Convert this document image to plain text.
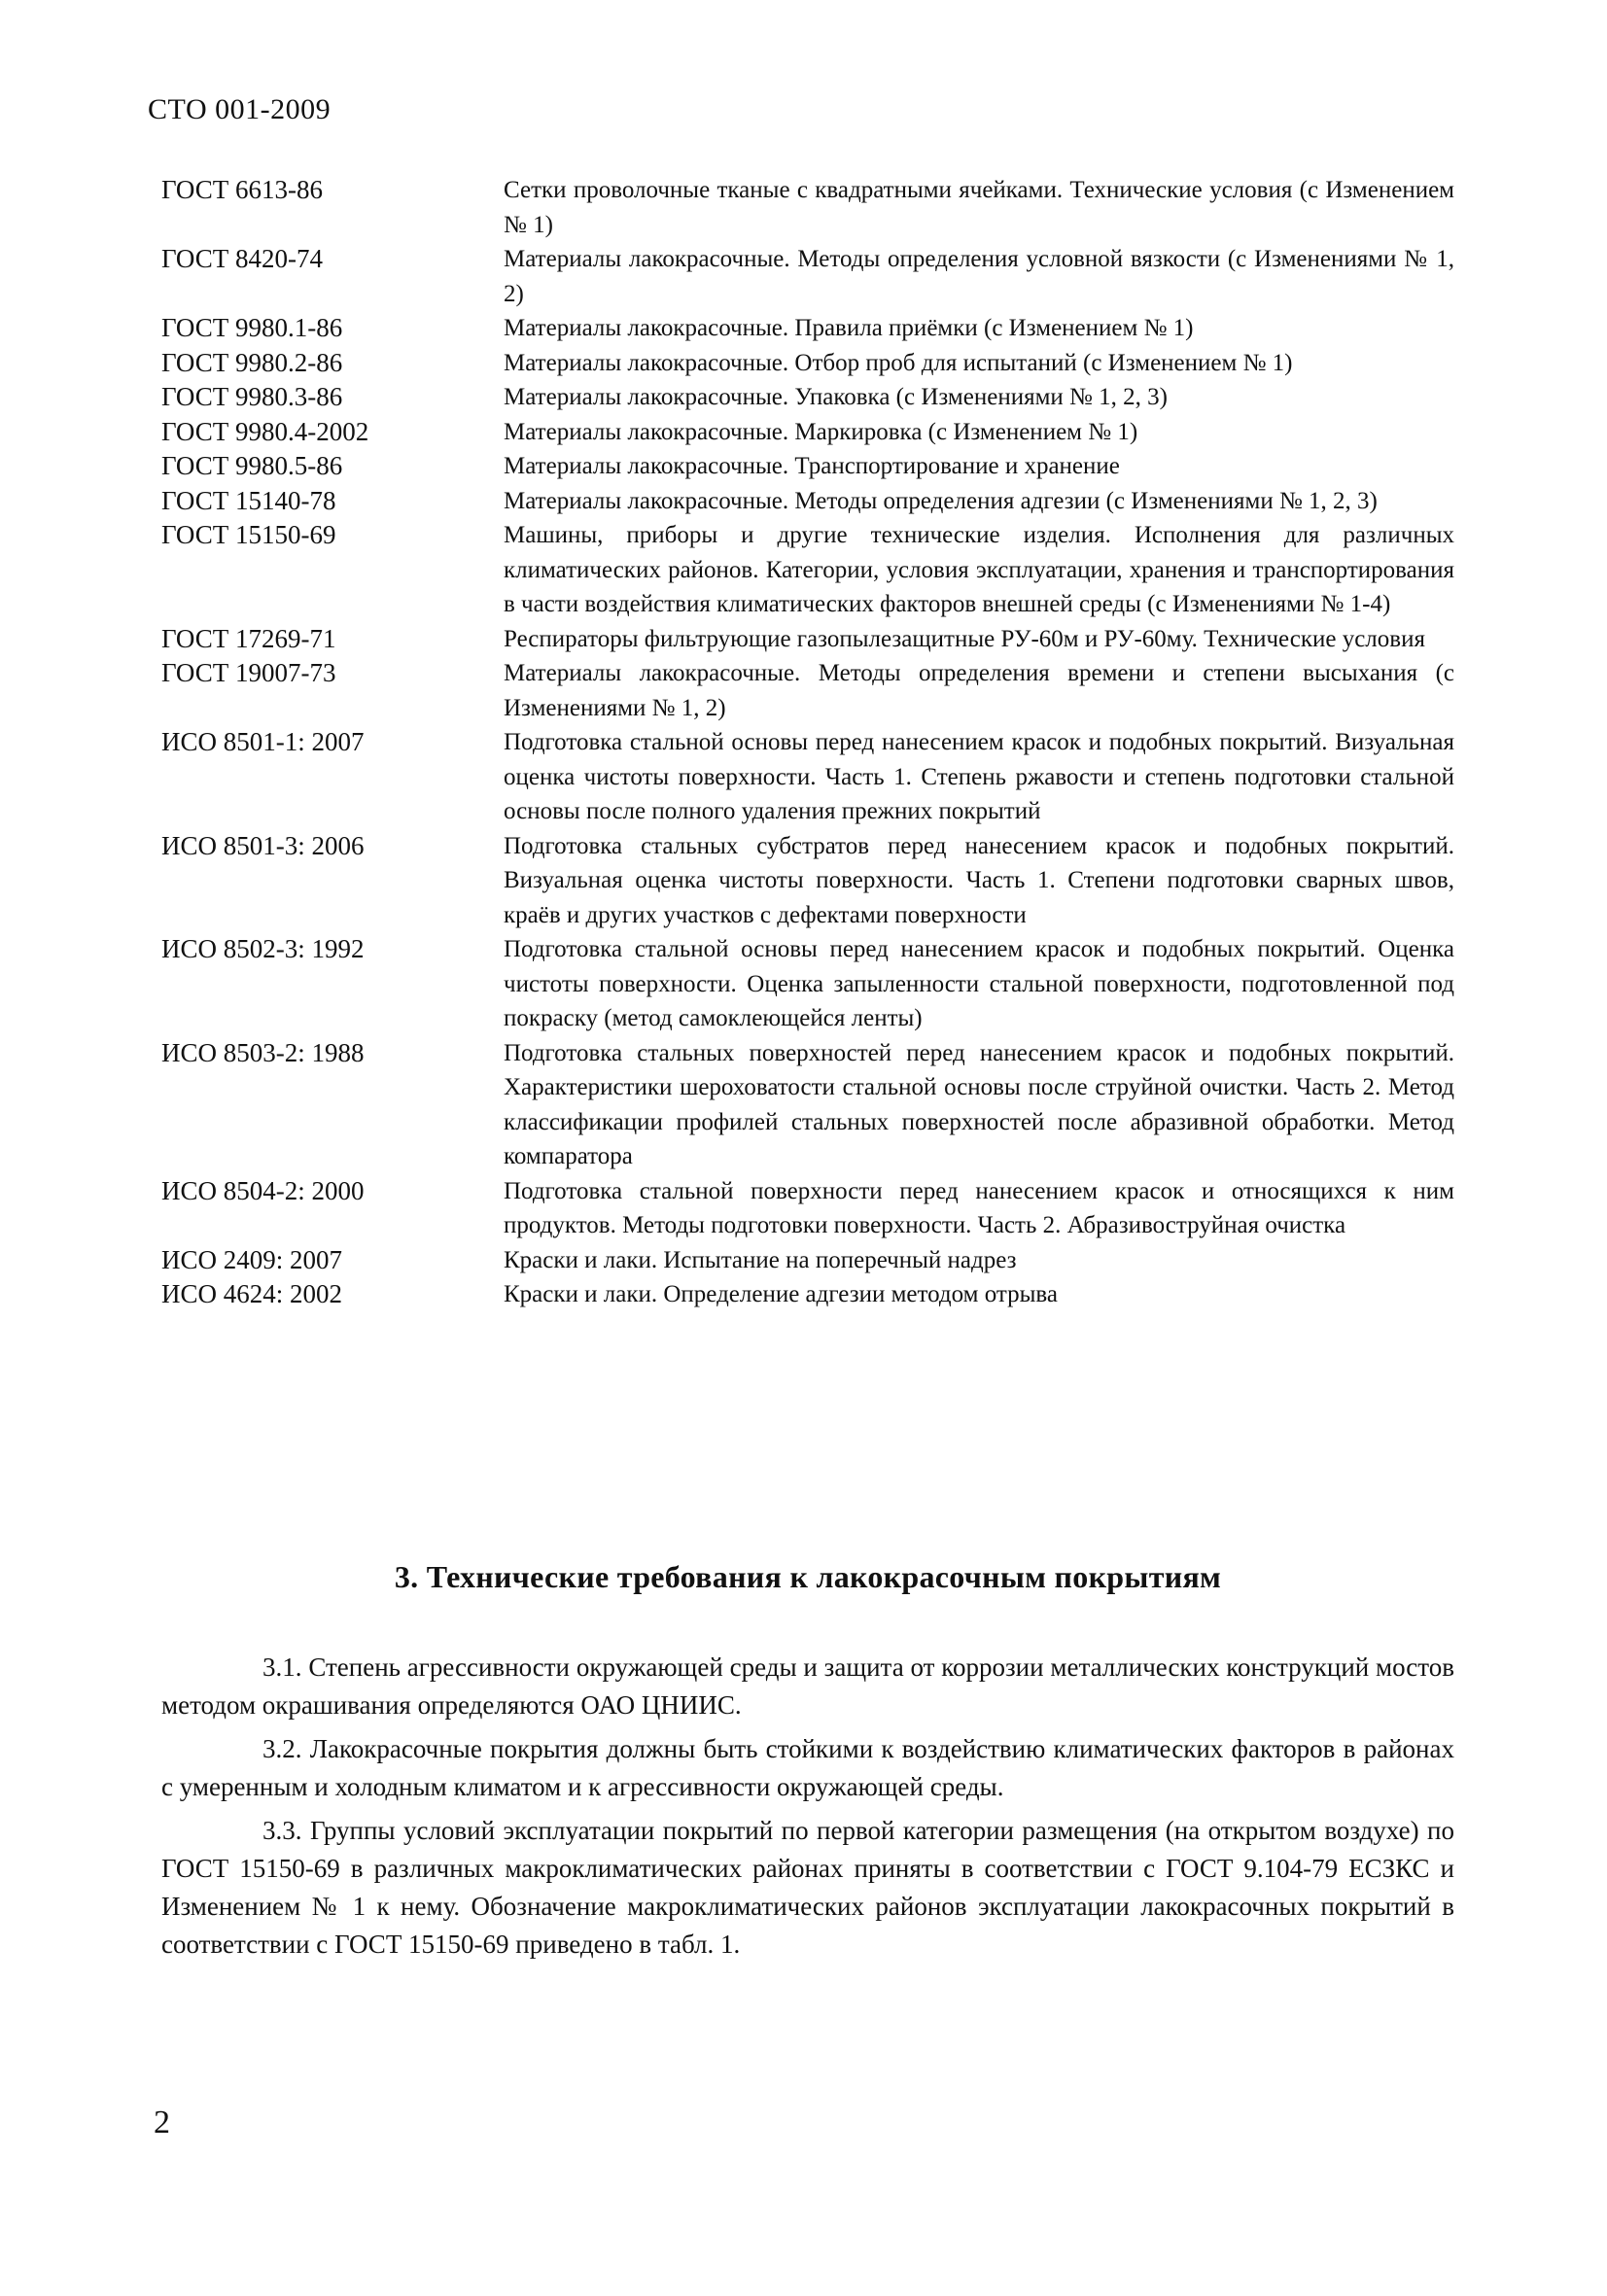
СТО 001-2009
ГОСТ 6613-86	Сетки проволочные тканые с квадратными ячейками. Технические условия (с Изменением № 1)
ГОСТ 8420-74	Материалы лакокрасочные. Методы определения условной вязкости (с Изменениями № 1, 2)
ГОСТ 9980.1-86	Материалы лакокрасочные. Правила приёмки (с Изменением № 1)
ГОСТ 9980.2-86	Материалы лакокрасочные. Отбор проб для испытаний (с Изменением № 1)
ГОСТ 9980.3-86	Материалы лакокрасочные. Упаковка (с Изменениями № 1, 2, 3)
ГОСТ 9980.4-2002	Материалы лакокрасочные. Маркировка (с Изменением № 1)
ГОСТ 9980.5-86	Материалы лакокрасочные. Транспортирование и хранение
ГОСТ 15140-78	Материалы лакокрасочные. Методы определения адгезии (с Изменениями № 1, 2, 3)
ГОСТ 15150-69	Машины, приборы и другие технические изделия. Исполнения для различных климатических районов. Категории, условия эксплуатации, хранения и транспортирования в части воздействия климатических факторов внешней среды (с Изменениями № 1-4)
ГОСТ 17269-71	Респираторы фильтрующие газопылезащитные РУ-60м и РУ-60му. Технические условия
ГОСТ 19007-73	Материалы лакокрасочные. Методы определения времени и степени высыхания (с Изменениями № 1, 2)
ИСО 8501-1: 2007	Подготовка стальной основы перед нанесением красок и подобных покрытий. Визуальная оценка чистоты поверхности. Часть 1. Степень ржавости и степень подготовки стальной основы после полного удаления прежних покрытий
ИСО 8501-3: 2006	Подготовка стальных субстратов перед нанесением красок и подобных покрытий. Визуальная оценка чистоты поверхности. Часть 1. Степени подготовки сварных швов, краёв и других участков с дефектами поверхности
ИСО 8502-3: 1992	Подготовка стальной основы перед нанесением красок и подобных покрытий. Оценка чистоты поверхности. Оценка запыленности стальной поверхности, подготовленной под покраску (метод самоклеющейся ленты)
ИСО 8503-2: 1988	Подготовка стальных поверхностей перед нанесением красок и подобных покрытий. Характеристики шероховатости стальной основы после струйной очистки. Часть 2. Метод классификации профилей стальных поверхностей после абразивной обработки. Метод компаратора
ИСО 8504-2: 2000	Подготовка стальной поверхности перед нанесением красок и относящихся к ним продуктов. Методы подготовки поверхности. Часть 2. Абразивоструйная очистка
ИСО 2409: 2007	Краски и лаки. Испытание на поперечный надрез
ИСО 4624: 2002	Краски и лаки. Определение адгезии методом отрыва
3. Технические требования к лакокрасочным покрытиям

3.1. Степень агрессивности окружающей среды и защита от коррозии металлических конструкций мостов методом окрашивания определяются ОАО ЦНИИС.

3.2. Лакокрасочные покрытия должны быть стойкими к воздействию климатических факторов в районах с умеренным и холодным климатом и к агрессивности окружающей среды.

3.3. Группы условий эксплуатации покрытий по первой категории размещения (на открытом воздухе) по ГОСТ 15150-69 в различных макроклиматических районах приняты в соответствии с ГОСТ 9.104-79 ЕСЗКС и Изменением № 1 к нему. Обозначение макроклиматических районов эксплуатации лакокрасочных покрытий в соответствии с ГОСТ 15150-69 приведено в табл. 1.

2
